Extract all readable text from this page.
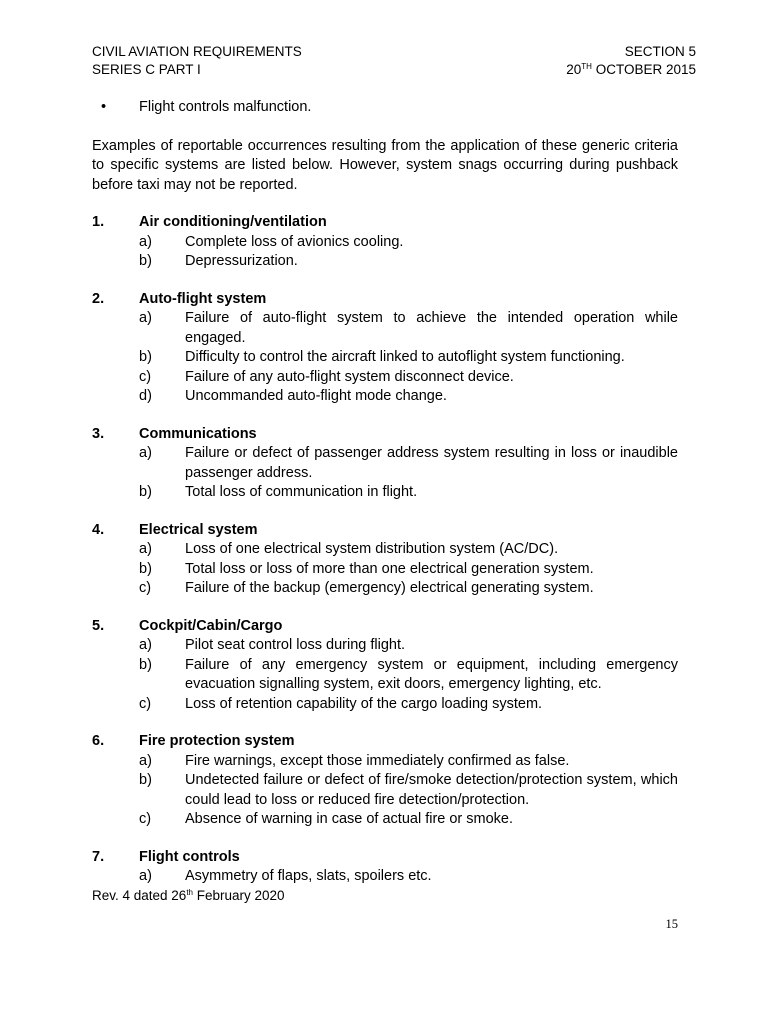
CIVIL AVIATION REQUIREMENTS
SERIES C PART I
SECTION 5
20TH OCTOBER 2015
• Flight controls malfunction.
Examples of reportable occurrences resulting from the application of these generic criteria to specific systems are listed below. However, system snags occurring during pushback before taxi may not be reported.
1. Air conditioning/ventilation
a) Complete loss of avionics cooling.
b) Depressurization.
2. Auto-flight system
a) Failure of auto-flight system to achieve the intended operation while engaged.
b) Difficulty to control the aircraft linked to autoflight system functioning.
c) Failure of any auto-flight system disconnect device.
d) Uncommanded auto-flight mode change.
3. Communications
a) Failure or defect of passenger address system resulting in loss or inaudible passenger address.
b) Total loss of communication in flight.
4. Electrical system
a) Loss of one electrical system distribution system (AC/DC).
b) Total loss or loss of more than one electrical generation system.
c) Failure of the backup (emergency) electrical generating system.
5. Cockpit/Cabin/Cargo
a) Pilot seat control loss during flight.
b) Failure of any emergency system or equipment, including emergency evacuation signalling system, exit doors, emergency lighting, etc.
c) Loss of retention capability of the cargo loading system.
6. Fire protection system
a) Fire warnings, except those immediately confirmed as false.
b) Undetected failure or defect of fire/smoke detection/protection system, which could lead to loss or reduced fire detection/protection.
c) Absence of warning in case of actual fire or smoke.
7. Flight controls
a) Asymmetry of flaps, slats, spoilers etc.
Rev. 4 dated 26th February 2020
15
